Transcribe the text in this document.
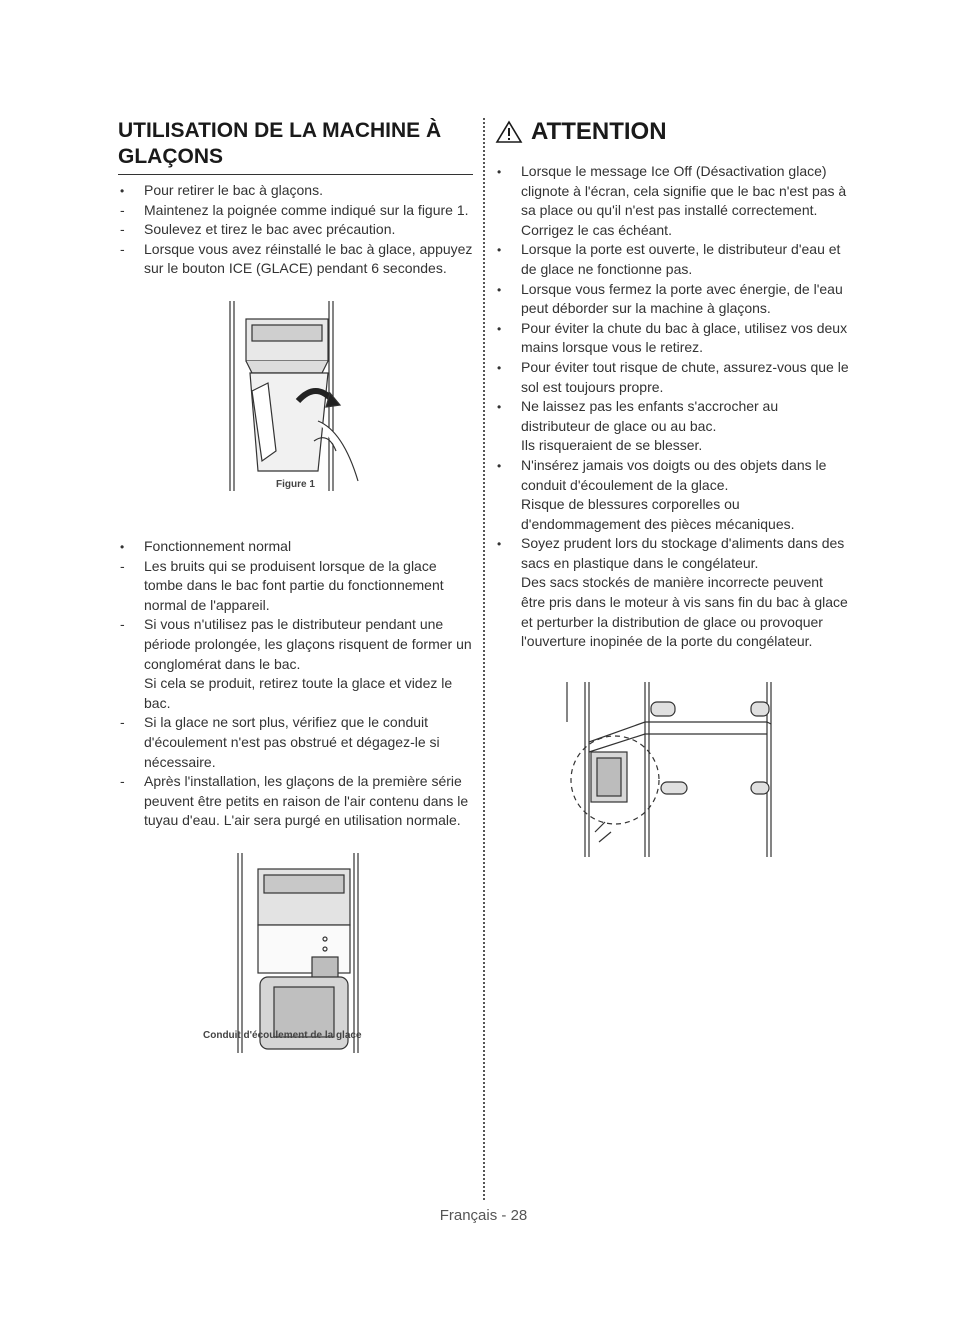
UTILISATION DE LA MACHINE À GLAÇONS
•
Pour retirer le bac à glaçons.
-
Maintenez la poignée comme indiqué sur la figure 1.
-
Soulevez et tirez le bac avec précaution.
-
Lorsque vous avez réinstallé le bac à glace, appuyez sur le bouton ICE (GLACE) pendant 6 secondes.
Figure 1
•
Fonctionnement normal
-
Les bruits qui se produisent lorsque de la glace tombe dans le bac font partie du fonctionnement normal de l'appareil.
-
Si vous n'utilisez pas le distributeur pendant une période prolongée, les glaçons risquent de former un conglomérat dans le bac.
Si cela se produit, retirez toute la glace et videz le bac.
-
Si la glace ne sort plus, vérifiez que le conduit d'écoulement n'est pas obstrué et dégagez-le si nécessaire.
-
Après l'installation, les glaçons de la première série peuvent être petits en raison de l'air contenu dans le tuyau d'eau. L'air sera purgé en utilisation normale.
Conduit d'écoulement de la glace
ATTENTION
•
Lorsque le message Ice Off (Désactivation glace) clignote à l'écran, cela signifie que le bac n'est pas à sa place ou qu'il n'est pas installé correctement. Corrigez le cas échéant.
•
Lorsque la porte est ouverte, le distributeur d'eau et de glace ne fonctionne pas.
•
Lorsque vous fermez la porte avec énergie, de l'eau peut déborder sur la machine à glaçons.
•
Pour éviter la chute du bac à glace, utilisez vos deux mains lorsque vous le retirez.
•
Pour éviter tout risque de chute, assurez-vous que le sol est toujours propre.
•
Ne laissez pas les enfants s'accrocher au distributeur de glace ou au bac.
Ils risqueraient de se blesser.
•
N'insérez jamais vos doigts ou des objets dans le conduit d'écoulement de la glace.
Risque de blessures corporelles ou d'endommagement des pièces mécaniques.
•
Soyez prudent lors du stockage d'aliments dans des sacs en plastique dans le congélateur.
Des sacs stockés de manière incorrecte peuvent être pris dans le moteur à vis sans fin du bac à glace et perturber la distribution de glace ou provoquer l'ouverture inopinée de la porte du congélateur.
Français - 28
